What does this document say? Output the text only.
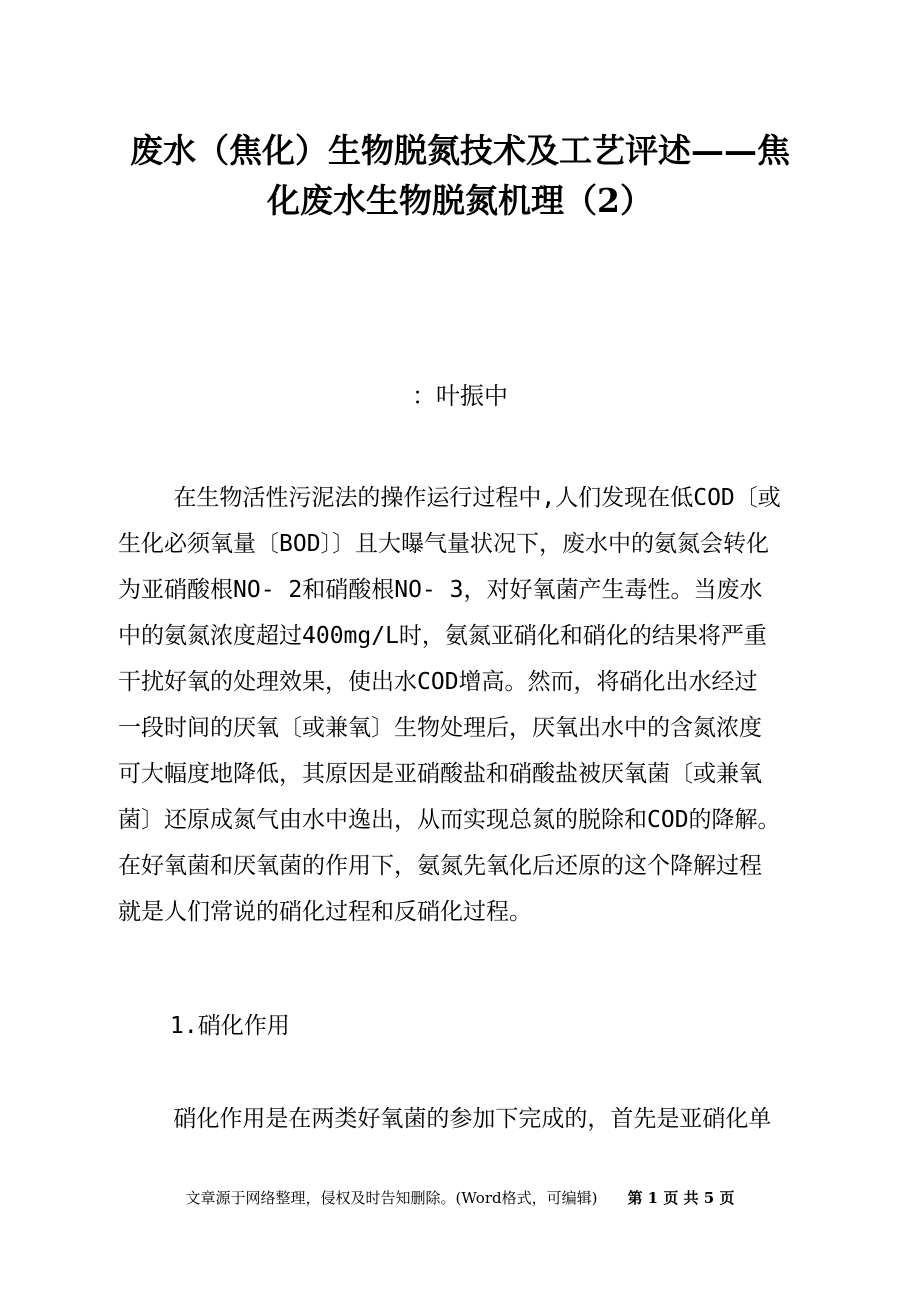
废水（焦化）生物脱氮技术及工艺评述——焦
化废水生物脱氮机理（2）
：叶振中
在生物活性污泥法的操作运行过程中,人们发现在低COD〔或
生化必须氧量〔BOD〕〕且大曝气量状况下，废水中的氨氮会转化
为亚硝酸根NO- 2和硝酸根NO- 3，对好氧菌产生毒性。当废水
中的氨氮浓度超过400mg/L时，氨氮亚硝化和硝化的结果将严重
干扰好氧的处理效果，使出水COD增高。然而，将硝化出水经过
一段时间的厌氧〔或兼氧〕生物处理后，厌氧出水中的含氮浓度
可大幅度地降低，其原因是亚硝酸盐和硝酸盐被厌氧菌〔或兼氧
菌〕还原成氮气由水中逸出，从而实现总氮的脱除和COD的降解。
在好氧菌和厌氧菌的作用下，氨氮先氧化后还原的这个降解过程
就是人们常说的硝化过程和反硝化过程。
1.硝化作用
硝化作用是在两类好氧菌的参加下完成的，首先是亚硝化单
文章源于网络整理，侵权及时告知删除。(Word格式，可编辑) 第 1 页 共 5 页
